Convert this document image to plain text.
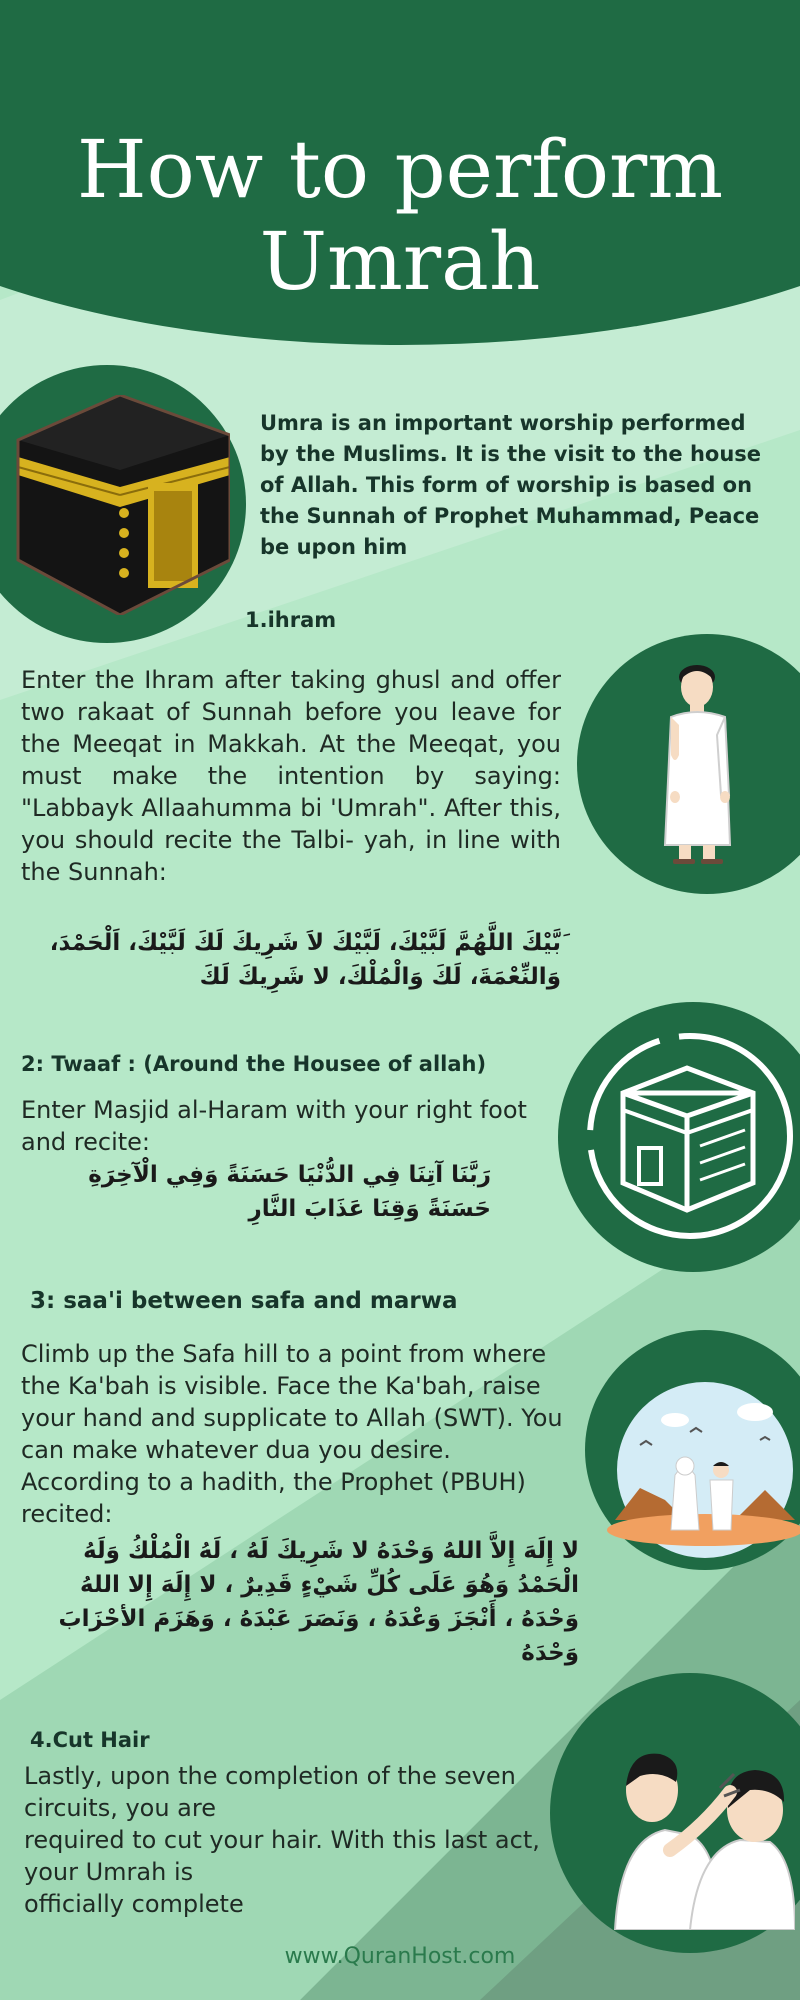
How to perform
Umrah
Umra is an important worship performed by the Muslims. It is the visit to the house of Allah. This form of worship is based on the Sunnah of Prophet Muhammad, Peace be upon him
1.ihram
Enter the Ihram after taking ghusl and offer two rakaat of Sunnah before you leave for the Meeqat in Makkah. At the Meeqat, you must make the intention by saying: "Labbayk Allaahumma bi 'Umrah". After this, you should recite the Talbi- yah, in line with the Sunnah:
َبَّيْكَ اللَّهُمَّ لَبَّيْكَ، لَبَّيْكَ لاَ شَرِيكَ لَكَ لَبَّيْكَ، اَلْحَمْدَ، وَالنِّعْمَةَ، لَكَ وَالْمُلْكَ، لا شَرِيكَ لَكَ
2: Twaaf : (Around the Housee of allah)
Enter Masjid al-Haram with your right foot and recite:
رَبَّنَا آتِنَا فِي الدُّنْيَا حَسَنَةً وَفِي الْآخِرَةِ حَسَنَةً وَقِنَا عَذَابَ النَّارِ
3: saa'i between safa and marwa
Climb up the Safa hill to a point from where the Ka'bah is visible. Face the Ka'bah, raise your hand and supplicate to Allah (SWT). You can make whatever dua you desire. According to a hadith, the Prophet (PBUH) recited:
لا إِلَهَ إِلاَّ اللهُ وَحْدَهُ لا شَرِيكَ لَهُ ، لَهُ الْمُلْكُ وَلَهُ الْحَمْدُ وَهُوَ عَلَى كُلِّ شَيْءٍ قَدِيرٌ ، لا إِلَهَ إِلا اللهُ وَحْدَهُ ، أَنْجَزَ وَعْدَهُ ، وَنَصَرَ عَبْدَهُ ، وَهَزَمَ الأحْزَابَ وَحْدَهُ
4.Cut Hair
Lastly, upon the completion of the seven
circuits, you are
required to cut your hair. With this last act,
your Umrah is
officially complete
www.QuranHost.com
